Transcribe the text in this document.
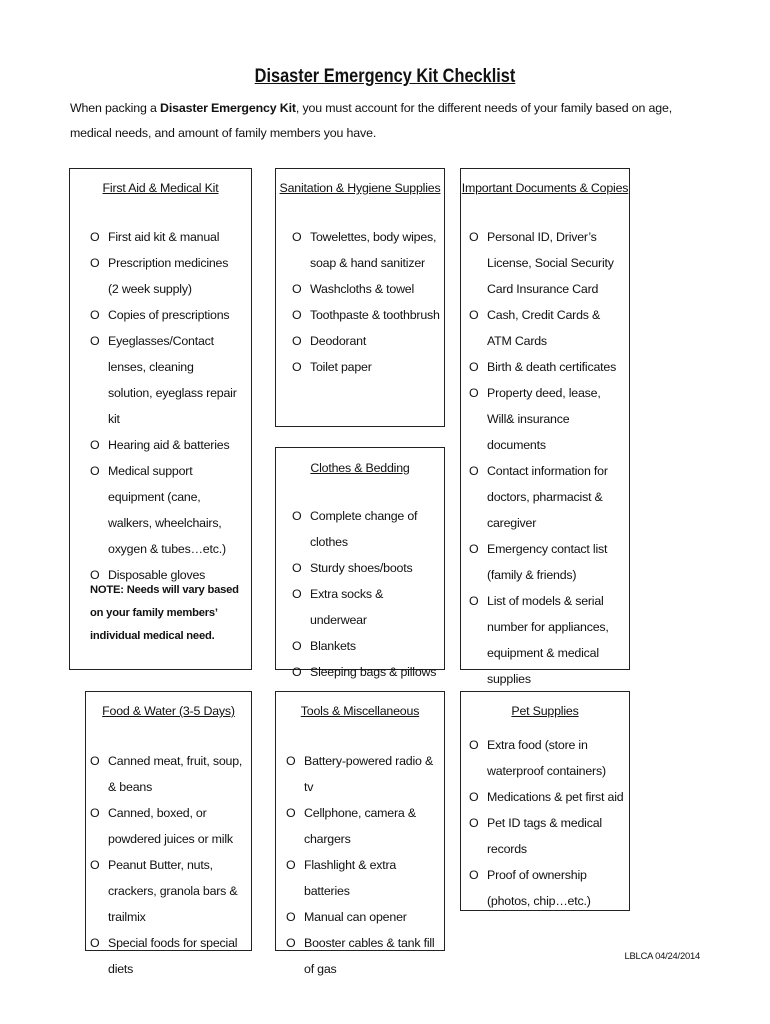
Disaster Emergency Kit Checklist
When packing a Disaster Emergency Kit, you must account for the different needs of your family based on age, medical needs, and amount of family members you have.
First Aid & Medical Kit
O First aid kit & manual
O Prescription medicines (2 week supply)
O Copies of prescriptions
O Eyeglasses/Contact lenses, cleaning solution, eyeglass repair kit
O Hearing aid & batteries
O Medical support equipment (cane, walkers, wheelchairs, oxygen & tubes…etc.)
O Disposable gloves
NOTE: Needs will vary based on your family members’ individual medical need.
Sanitation & Hygiene Supplies
O Towelettes, body wipes, soap & hand sanitizer
O Washcloths & towel
O Toothpaste & toothbrush
O Deodorant
O Toilet paper
Clothes & Bedding
O Complete change of clothes
O Sturdy shoes/boots
O Extra socks & underwear
O Blankets
O Sleeping bags & pillows
Important Documents & Copies
O Personal ID, Driver’s License, Social Security Card Insurance Card
O Cash, Credit Cards & ATM Cards
O Birth & death certificates
O Property deed, lease, Will& insurance documents
O Contact information for doctors, pharmacist & caregiver
O Emergency contact list (family & friends)
O List of models & serial number for appliances, equipment & medical supplies
Food & Water (3-5 Days)
O Canned meat, fruit, soup, & beans
O Canned, boxed, or powdered juices or milk
O Peanut Butter, nuts, crackers, granola bars & trailmix
O Special foods for special diets
Tools & Miscellaneous
O Battery-powered radio & tv
O Cellphone, camera & chargers
O Flashlight & extra batteries
O Manual can opener
O Booster cables & tank fill of gas
Pet Supplies
O Extra food (store in waterproof containers)
O Medications & pet first aid
O Pet ID tags & medical records
O Proof of ownership (photos, chip…etc.)
LBLCA 04/24/2014
